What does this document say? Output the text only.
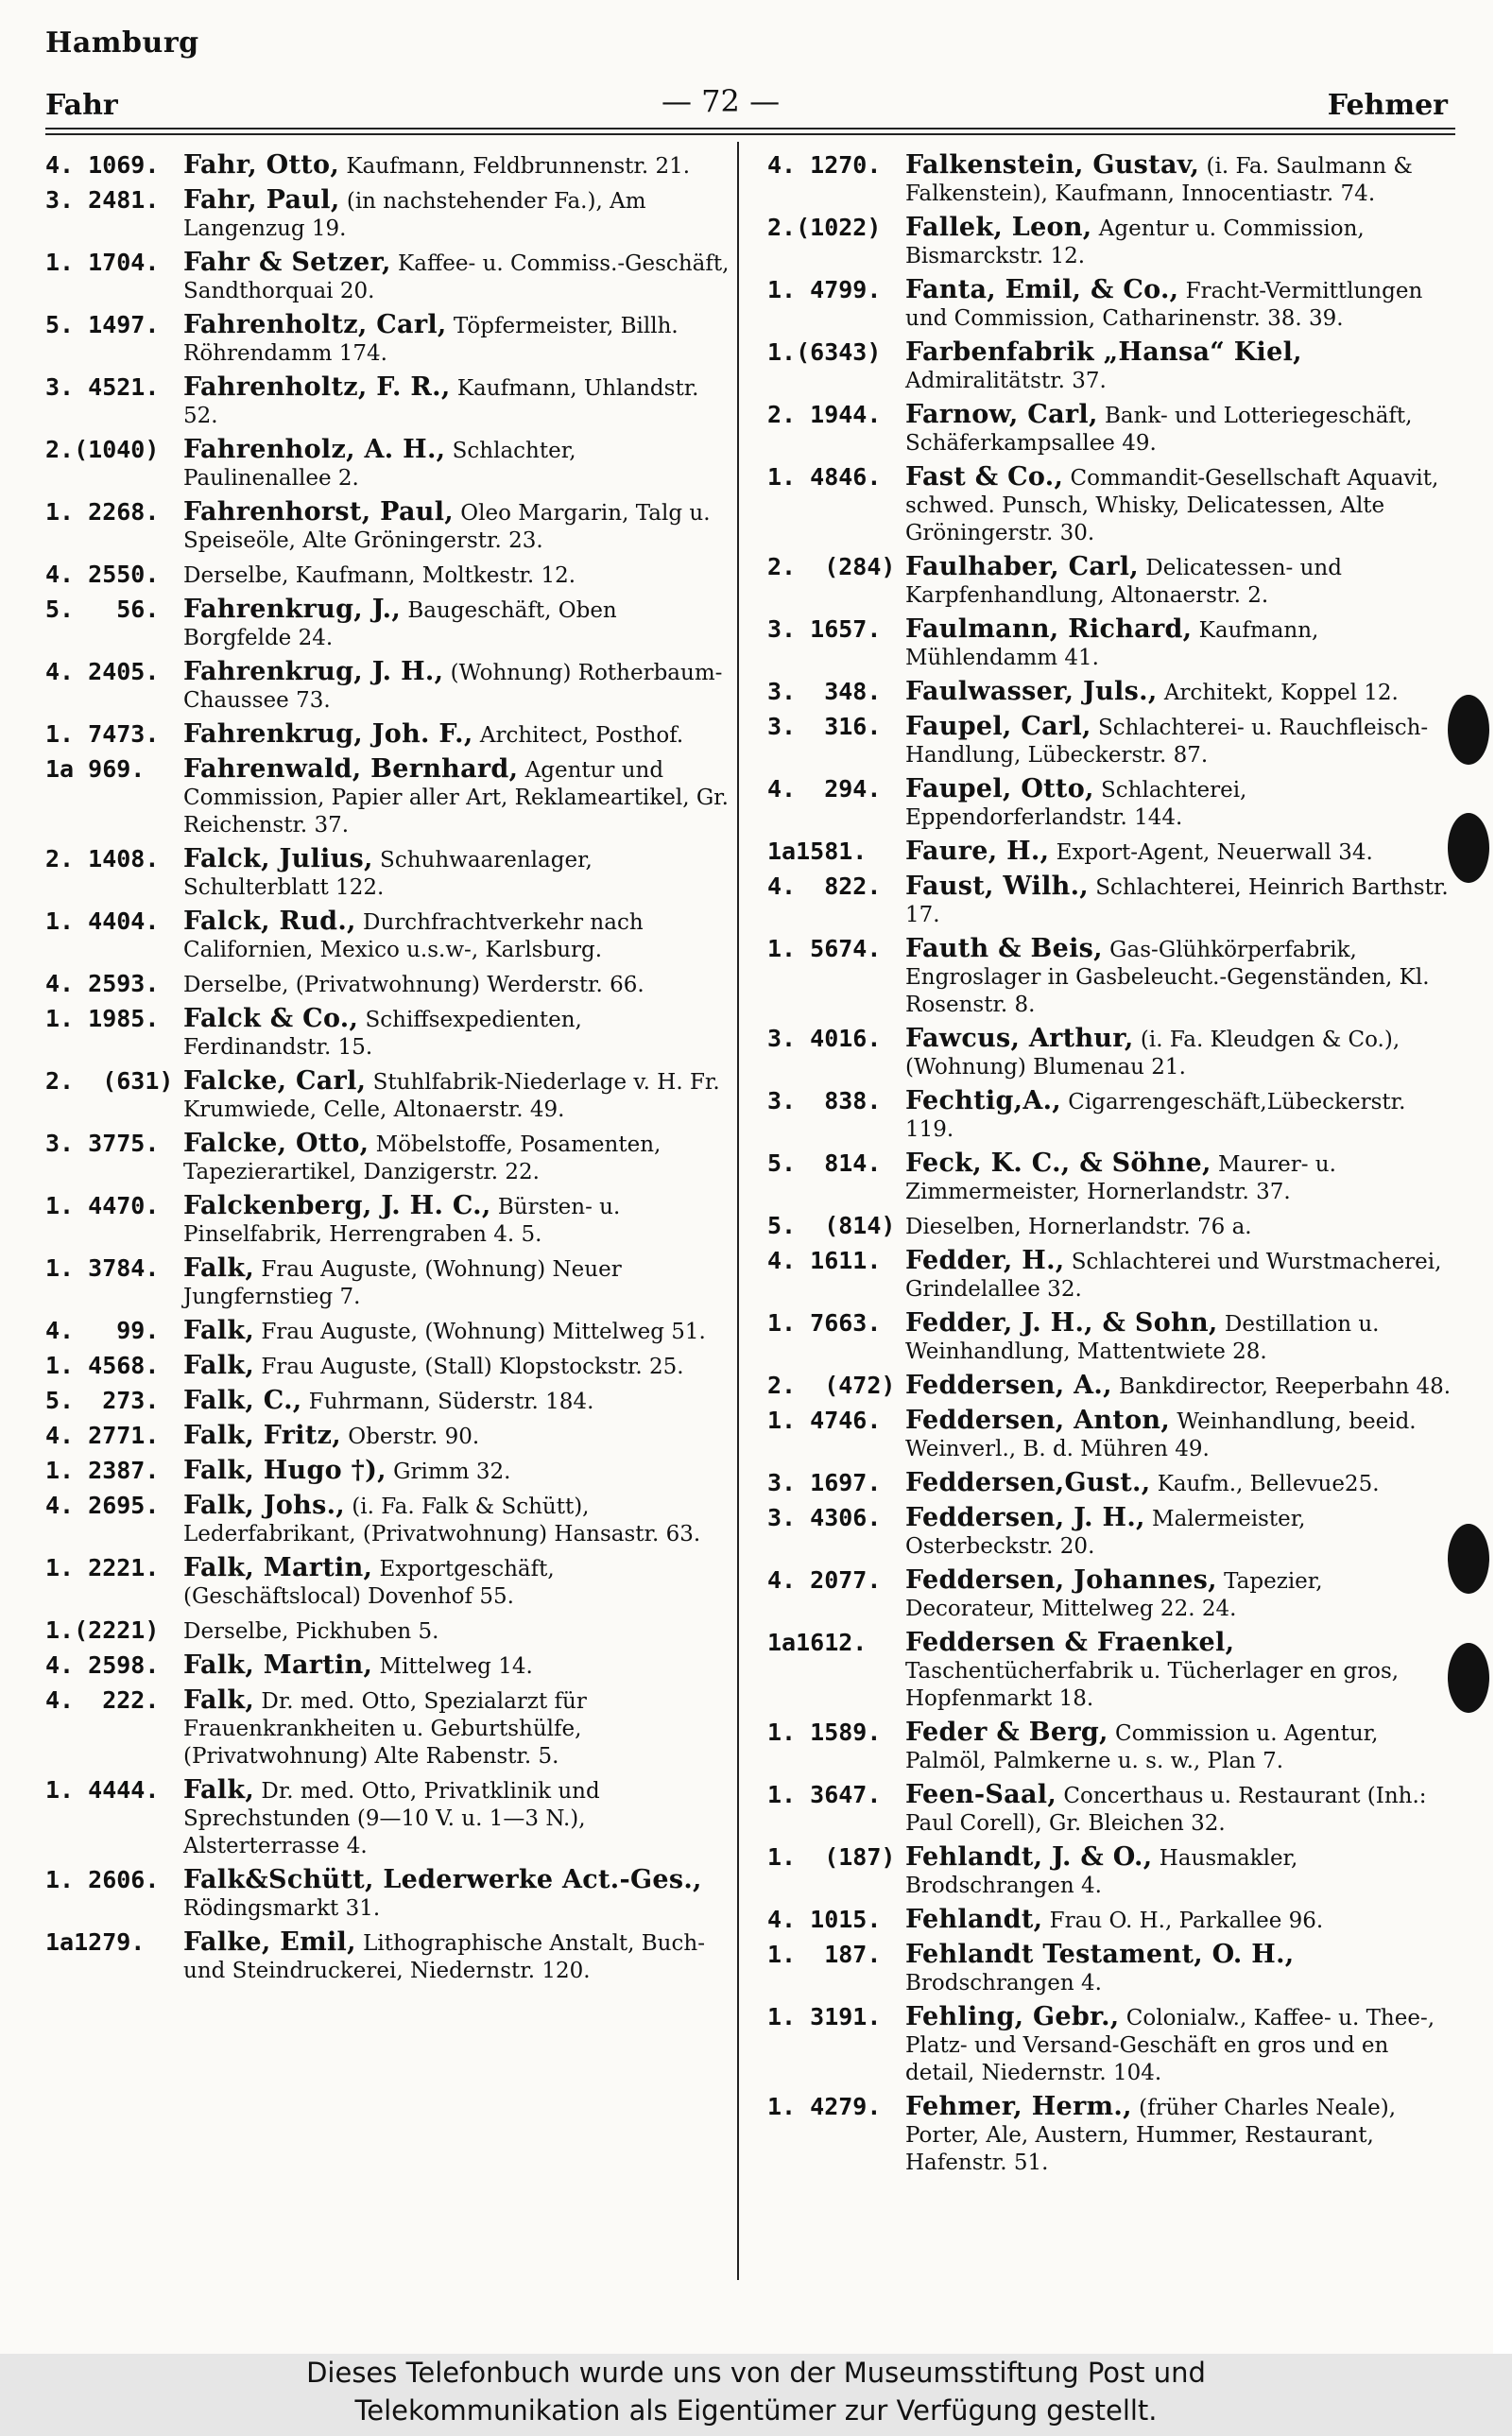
Hamburg
Fahr	— 72 —	Fehmer
4. 1069. Fahr, Otto, Kaufmann, Feldbrunnenstr. 21.
3. 2481. Fahr, Paul, (in nachstehender Fa.), Am Langenzug 19.
1. 1704. Fahr & Setzer, Kaffee- u. Commiss.-Geschäft, Sandthorquai 20.
5. 1497. Fahrenholtz, Carl, Töpfermeister, Billh. Röhrendamm 174.
3. 4521. Fahrenholtz, F. R., Kaufmann, Uhlandstr. 52.
2.(1040) Fahrenholz, A. H., Schlachter, Paulinenallee 2.
1. 2268. Fahrenhorst, Paul, Oleo Margarin, Talg u. Speiseöle, Alte Gröningerstr. 23.
4. 2550. Derselbe, Kaufmann, Moltkestr. 12.
5.   56. Fahrenkrug, J., Baugeschäft, Oben Borgfelde 24.
4. 2405. Fahrenkrug, J. H., (Wohnung) Rotherbaum-Chaussee 73.
1. 7473. Fahrenkrug, Joh. F., Architect, Posthof.
1a 969. Fahrenwald, Bernhard, Agentur und Commission, Papier aller Art, Reklameartikel, Gr. Reichenstr. 37.
2. 1408. Falck, Julius, Schuhwaarenlager, Schulterblatt 122.
1. 4404. Falck, Rud., Durchfrachtverkehr nach Californien, Mexico u.s.w-, Karlsburg.
4. 2593. Derselbe, (Privatwohnung) Werderstr. 66.
1. 1985. Falck & Co., Schiffsexpedienten, Ferdinandstr. 15.
2.  (631) Falcke, Carl, Stuhlfabrik-Niederlage v. H. Fr. Krumwiede, Celle, Altonaerstr. 49.
3. 3775. Falcke, Otto, Möbelstoffe, Posamenten, Tapezierartikel, Danzigerstr. 22.
1. 4470. Falckenberg, J. H. C., Bürsten- u. Pinselfabrik, Herrengraben 4. 5.
1. 3784. Falk, Frau Auguste, (Wohnung) Neuer Jungfernstieg 7.
4.   99. Falk, Frau Auguste, (Wohnung) Mittelweg 51.
1. 4568. Falk, Frau Auguste, (Stall) Klopstockstr. 25.
5.  273. Falk, C., Fuhrmann, Süderstr. 184.
4. 2771. Falk, Fritz, Oberstr. 90.
1. 2387. Falk, Hugo †), Grimm 32.
4. 2695. Falk, Johs., (i. Fa. Falk & Schütt), Lederfabrikant, (Privatwohnung) Hansastr. 63.
1. 2221. Falk, Martin, Exportgeschäft, (Geschäftslocal) Dovenhof 55.
1.(2221) Derselbe, Pickhuben 5.
4. 2598. Falk, Martin, Mittelweg 14.
4.  222. Falk, Dr. med. Otto, Spezialarzt für Frauenkrankheiten u. Geburtshülfe, (Privatwohnung) Alte Rabenstr. 5.
1. 4444. Falk, Dr. med. Otto, Privatklinik und Sprechstunden (9—10 V. u. 1—3 N.), Alsterterrasse 4.
1. 2606. Falk&Schütt, Lederwerke Act.-Ges., Rödingsmarkt 31.
1a1279. Falke, Emil, Lithographische Anstalt, Buch- und Steindruckerei, Niedernstr. 120.
4. 1270. Falkenstein, Gustav, (i. Fa. Saulmann & Falkenstein), Kaufmann, Innocentiastr. 74.
2.(1022) Fallek, Leon, Agentur u. Commission, Bismarckstr. 12.
1. 4799. Fanta, Emil, & Co., Fracht-Vermittlungen und Commission, Catharinenstr. 38. 39.
1.(6343) Farbenfabrik „Hansa“ Kiel, Admiralitätstr. 37.
2. 1944. Farnow, Carl, Bank- und Lotteriegeschäft, Schäferkampsallee 49.
1. 4846. Fast & Co., Commandit-Gesellschaft Aquavit, schwed. Punsch, Whisky, Delicatessen, Alte Gröningerstr. 30.
2.  (284) Faulhaber, Carl, Delicatessen- und Karpfenhandlung, Altonaerstr. 2.
3. 1657. Faulmann, Richard, Kaufmann, Mühlendamm 41.
3.  348. Faulwasser, Juls., Architekt, Koppel 12.
3.  316. Faupel, Carl, Schlachterei- u. Rauchfleisch-Handlung, Lübeckerstr. 87.
4.  294. Faupel, Otto, Schlachterei, Eppendorferlandstr. 144.
1a1581. Faure, H., Export-Agent, Neuerwall 34.
4.  822. Faust, Wilh., Schlachterei, Heinrich Barthstr. 17.
1. 5674. Fauth & Beis, Gas-Glühkörperfabrik, Engroslager in Gasbeleucht.-Gegenständen, Kl. Rosenstr. 8.
3. 4016. Fawcus, Arthur, (i. Fa. Kleudgen & Co.), (Wohnung) Blumenau 21.
3.  838. Fechtig,A., Cigarrengeschäft,Lübeckerstr. 119.
5.  814. Feck, K. C., & Söhne, Maurer- u. Zimmermeister, Hornerlandstr. 37.
5.  (814) Dieselben, Hornerlandstr. 76 a.
4. 1611. Fedder, H., Schlachterei und Wurstmacherei, Grindelallee 32.
1. 7663. Fedder, J. H., & Sohn, Destillation u. Weinhandlung, Mattentwiete 28.
2.  (472) Feddersen, A., Bankdirector, Reeperbahn 48.
1. 4746. Feddersen, Anton, Weinhandlung, beeid. Weinverl., B. d. Mühren 49.
3. 1697. Feddersen,Gust., Kaufm., Bellevue25.
3. 4306. Feddersen, J. H., Malermeister, Osterbeckstr. 20.
4. 2077. Feddersen, Johannes, Tapezier, Decorateur, Mittelweg 22. 24.
1a1612. Feddersen & Fraenkel, Taschentücherfabrik u. Tücherlager en gros, Hopfenmarkt 18.
1. 1589. Feder & Berg, Commission u. Agentur, Palmöl, Palmkerne u. s. w., Plan 7.
1. 3647. Feen-Saal, Concerthaus u. Restaurant (Inh.: Paul Corell), Gr. Bleichen 32.
1.  (187) Fehlandt, J. & O., Hausmakler, Brodschrangen 4.
4. 1015. Fehlandt, Frau O. H., Parkallee 96.
1.  187. Fehlandt Testament, O. H., Brodschrangen 4.
1. 3191. Fehling, Gebr., Colonialw., Kaffee- u. Thee-, Platz- und Versand-Geschäft en gros und en detail, Niedernstr. 104.
1. 4279. Fehmer, Herm., (früher Charles Neale), Porter, Ale, Austern, Hummer, Restaurant, Hafenstr. 51.
Dieses Telefonbuch wurde uns von der Museumsstiftung Post und
Telekommunikation als Eigentümer zur Verfügung gestellt.
